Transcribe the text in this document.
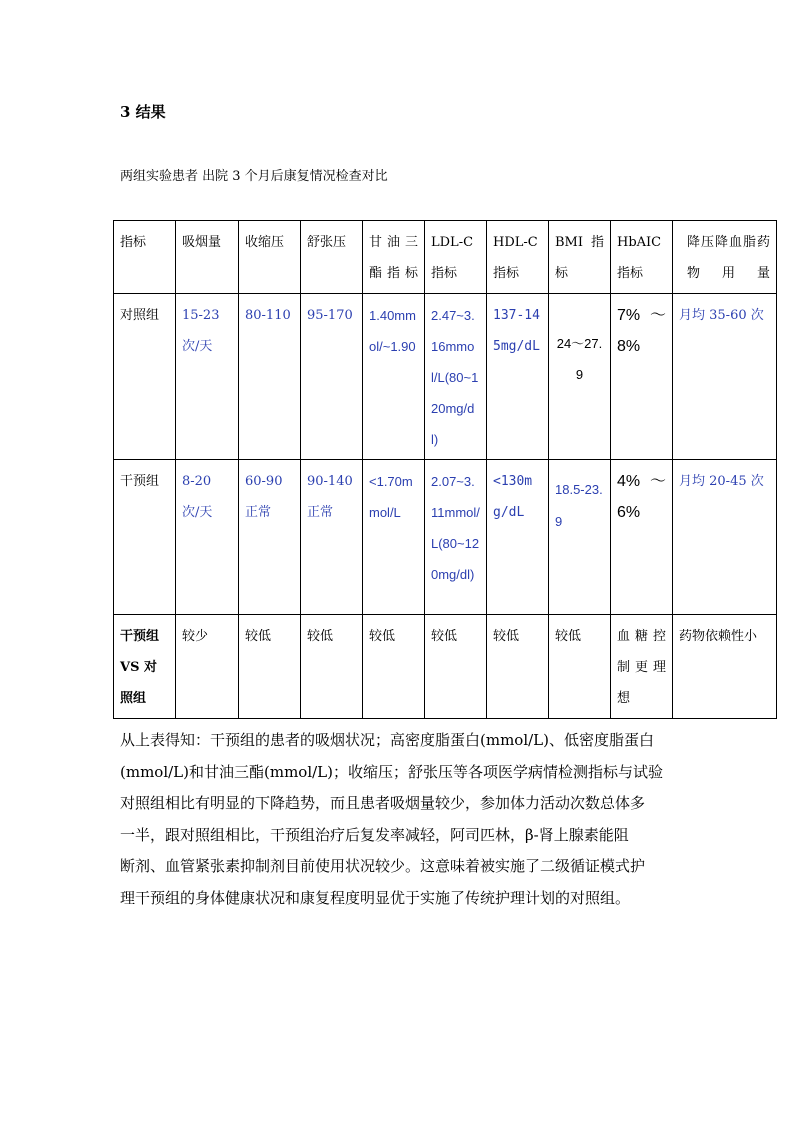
3 结果
两组实验患者 出院 3 个月后康复情况检查对比
指标	吸烟量	收缩压	舒张压	甘油三酯指标	LDL-C指标	HDL-C指标	BMI 指标	HbAIC指标	降压降血脂药物用量
对照组	15-23次/天	80-110	95-170	1.40mmol/~1.90	2.47~3.16mmol/L(80~120mg/dl)	137-145mg/dL	24～27.9	7% ～ 8%	月均 35-60 次
干预组	8-20 次/天	60-90正常	90-140正常	<1.70mmol/L	2.07~3.11mmol/L(80~120mg/dl)	<130mg/dL	18.5-23.9	4% ～ 6%	月均 20-45 次
干预组 VS 对照组	较少	较低	较低	较低	较低	较低	较低	血糖控制更理想	药物依赖性小
从上表得知：干预组的患者的吸烟状况；高密度脂蛋白(mmol/L)、低密度脂蛋白
(mmol/L)和甘油三酯(mmol/L)；收缩压；舒张压等各项医学病情检测指标与试验
对照组相比有明显的下降趋势，而且患者吸烟量较少，参加体力活动次数总体多
一半，跟对照组相比，干预组治疗后复发率减轻，阿司匹林，β-肾上腺素能阻
断剂、血管紧张素抑制剂目前使用状况较少。这意味着被实施了二级循证模式护
理干预组的身体健康状况和康复程度明显优于实施了传统护理计划的对照组。
